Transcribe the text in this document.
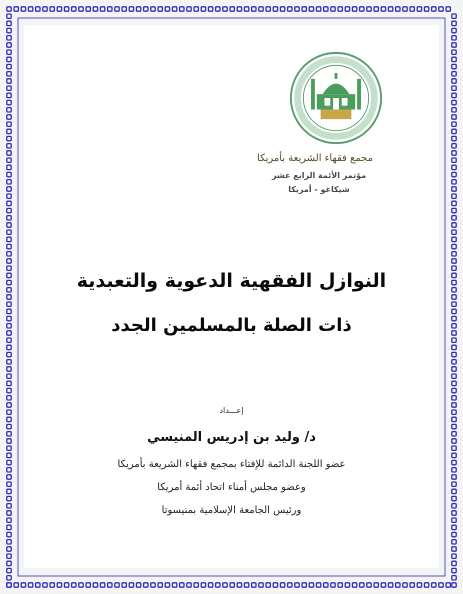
مجمع فقهاء الشريعة بأمريكا
مؤتمر الأئمة الرابع عشر
شيكاغو - أمريكا
النوازل الفقهية الدعوية والتعبدية
ذات الصلة بالمسلمين الجدد
إعـــداد
د/ وليد بن إدريس المنيسي
عضو اللجنة الدائمة للإفتاء بمجمع فقهاء الشريعة بأمريكا
وعضو مجلس أمناء اتحاد أئمة أمريكا
ورئيس الجامعة الإسلامية بمنيسوتا
